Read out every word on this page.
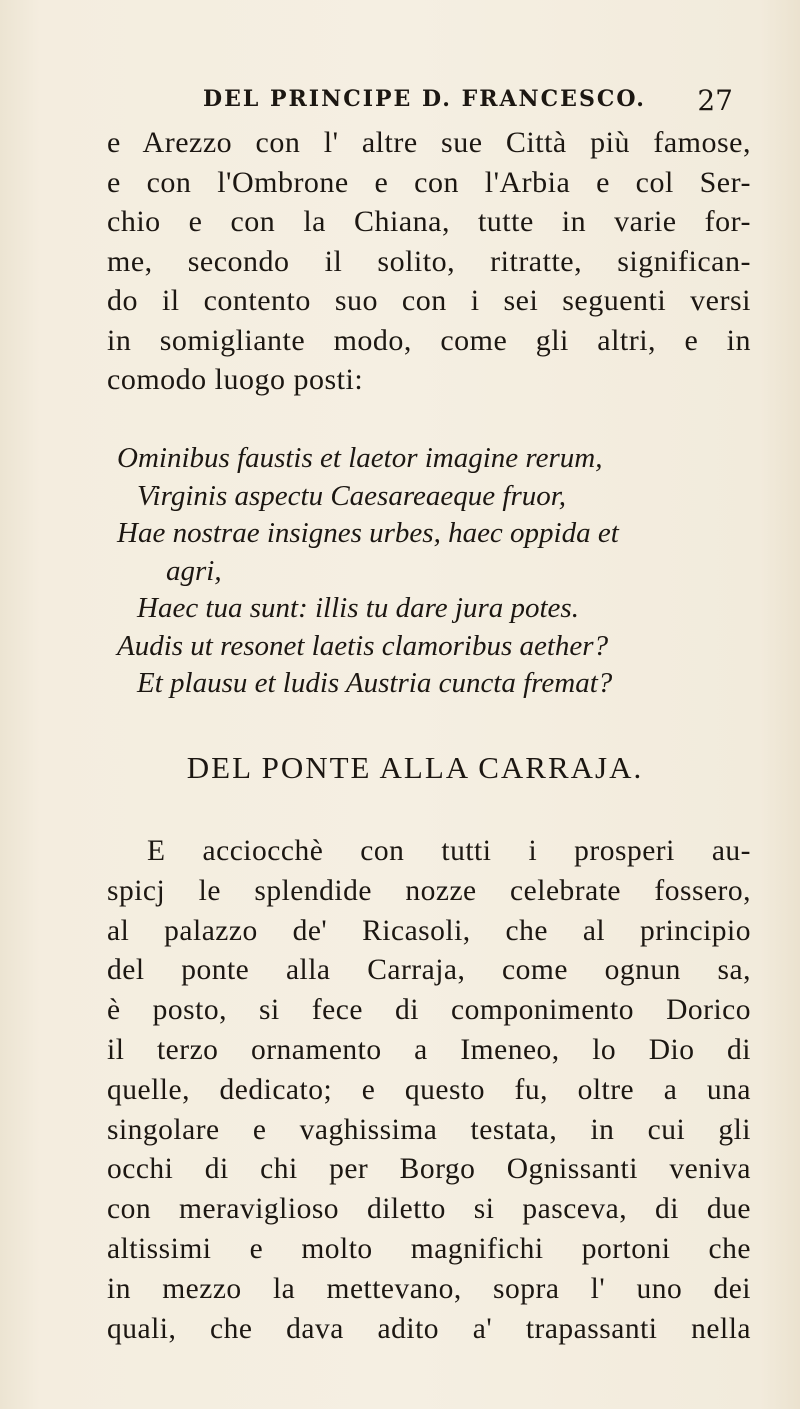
DEL PRINCIPE D. FRANCESCO. 27
e Arezzo con l' altre sue Città più famose,
e con l'Ombrone e con l'Arbia e col Ser-
chio e con la Chiana, tutte in varie for-
me, secondo il solito, ritratte, significan-
do il contento suo con i sei seguenti versi
in somigliante modo, come gli altri, e in
comodo luogo posti:
Ominibus faustis et laetor imagine rerum,
Virginis aspectu Caesareaeque fruor,
Hae nostrae insignes urbes, haec oppida et
agri,
Haec tua sunt: illis tu dare jura potes.
Audis ut resonet laetis clamoribus aether?
Et plausu et ludis Austria cuncta fremat?
DEL PONTE ALLA CARRAJA.
E acciocchè con tutti i prosperi au-
spicj le splendide nozze celebrate fossero,
al palazzo de' Ricasoli, che al principio
del ponte alla Carraja, come ognun sa,
è posto, si fece di componimento Dorico
il terzo ornamento a Imeneo, lo Dio di
quelle, dedicato; e questo fu, oltre a una
singolare e vaghissima testata, in cui gli
occhi di chi per Borgo Ognissanti veniva
con meraviglioso diletto si pasceva, di due
altissimi e molto magnifichi portoni che
in mezzo la mettevano, sopra l' uno dei
quali, che dava adito a' trapassanti nella
